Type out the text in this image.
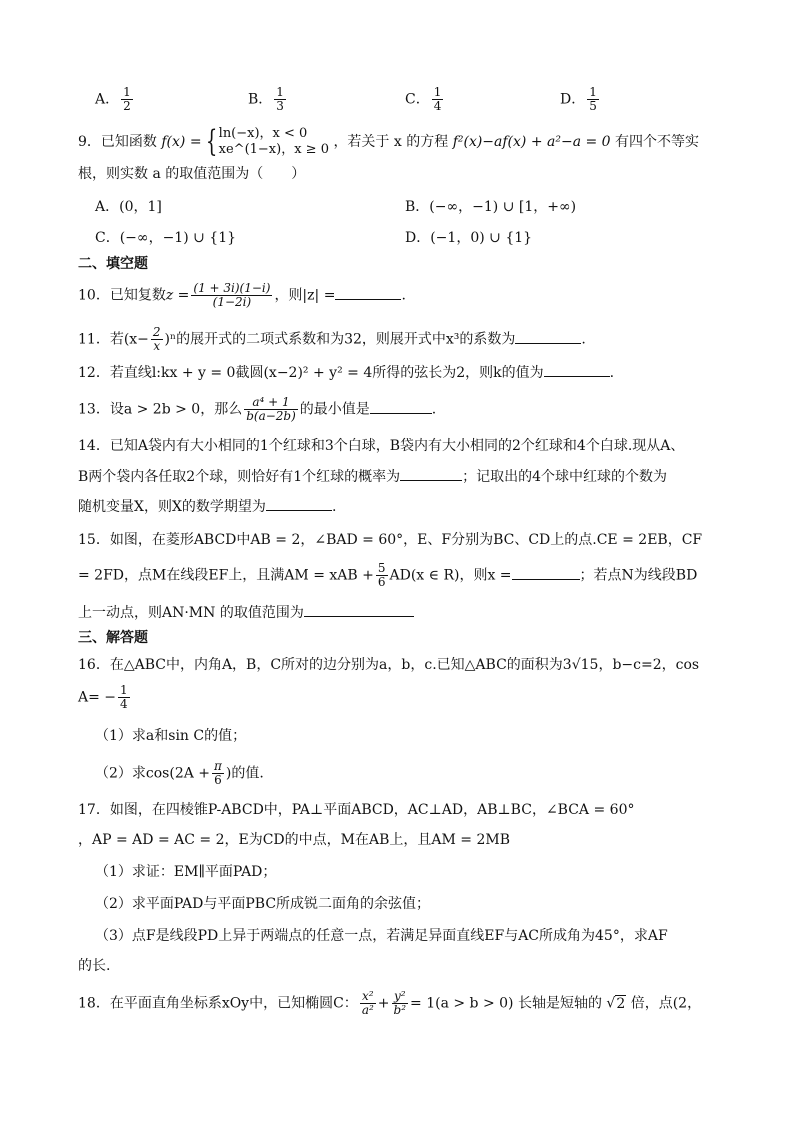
A． $\frac{1}{2}$	B． $\frac{1}{3}$	C． $\frac{1}{4}$	D． $\frac{1}{5}$
9．已知函数 f(x) = { ln(−x)，x < 0
xe^(1−x)，x ≥ 0 ，若关于 x 的方程 f²(x)−af(x) + a²−a = 0 有四个不等实
根，则实数 a 的取值范围为（　　）
A．(0，1]	B．(−∞，−1) ∪ [1，+∞)
C．(−∞，−1) ∪ {1}	D．(−1，0) ∪ {1}
二、填空题
10．已知复数$z = \frac{(1 + 3i)(1-i)}{(1-2i)}$ ，则|z| =	.
11．若$(x- \frac{2}{x} )^n$的展开式的二项式系数和为32，则展开式中x³的系数为	.
12．若直线l:kx + y = 0截圆(x−2)² + y² = 4所得的弦长为2，则k的值为	.
13．设a > 2b > 0，那么 $\frac{\text{a⁴ + 1}}{b(a-2b)}$ 的最小值是	.
14．已知A袋内有大小相同的1个红球和3个白球，B袋内有大小相同的2个红球和4个白球.现从A、
B两个袋内各任取2个球，则恰好有1个红球的概率为	；记取出的4个球中红球的个数为
随机变量X，则X的数学期望为	.
15．如图，在菱形ABCD中AB = 2，∠BAD = 60°，E、F分别为BC、CD上的点.CE = 2EB，CF
= 2FD，点M在线段EF上，且满AM = xAB + $\frac{5}{6} AD(x$ ∈ R)，则x =	；若点N为线段BD
上一动点，则AN·MN 的取值范围为
三、解答题
16．在△ABC中，内角A，B，C所对的边分别为a，b，c.已知△ABC的面积为3√15，b−c=2，cos
$A= - \frac{1}{4}$
（1）求a和sin C的值；
（2）求$\cos(2A + \frac{\pi}{6}$ )的值.
17．如图，在四棱锥P-ABCD中，PA⊥平面ABCD，AC⊥AD，AB⊥BC，∠BCA = 60°
，AP = AD = AC = 2，E为CD的中点，M在AB上，且AM = 2MB
（1）求证：EM∥平面PAD；
（2）求平面PAD与平面PBC所成锐二面角的余弦值；
（3）点F是线段PD上异于两端点的任意一点，若满足异面直线EF与AC所成角为45°，求AF
的长.
18．在平面直角坐标系xOy中，已知椭圆C： $\frac{\text{x²}}{\text{a²}} + \frac{\text{y²}}{\text{b²}} = 1(a > b > 0)$ 长轴是短轴的 √2 倍，点(2，
